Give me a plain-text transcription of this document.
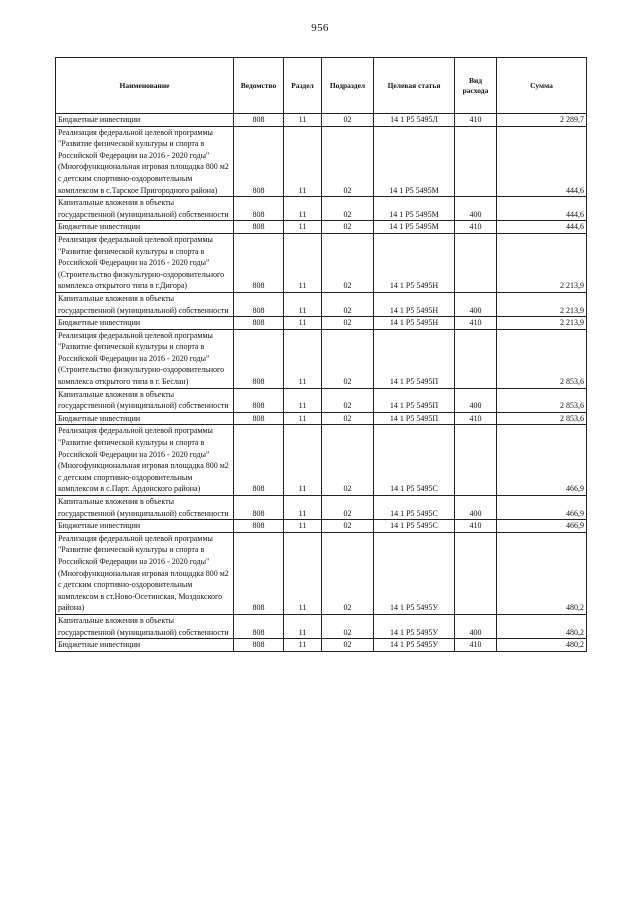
956
Наименование	Ведомство	Раздел	Подраздел	Целевая статья	Вид расхода	Сумма
Бюджетные инвестиции	808	11	02	14 1 P5 5495Л	410	2 289,7
Реализация федеральной целевой программы "Развитие физической культуры и спорта в Российской Федерации на 2016 - 2020 годы"(Многофункциональная игровая площадка 800 м2 с детским спортивно-оздоровительным комплексом в с.Тарское Пригородного района)	808	11	02	14 1 P5 5495М		444,6
Капитальные вложения в объекты государственной (муниципальной) собственности	808	11	02	14 1 P5 5495М	400	444,6
Бюджетные инвестиции	808	11	02	14 1 P5 5495М	410	444,6
Реализация федеральной целевой программы "Развитие физической культуры и спорта в Российской Федерации на 2016 - 2020 годы"(Строительство физкультурно-оздоровительного комплекса открытого типа в г.Дигора)	808	11	02	14 1 P5 5495Н		2 213,9
Капитальные вложения в объекты государственной (муниципальной) собственности	808	11	02	14 1 P5 5495Н	400	2 213,9
Бюджетные инвестиции	808	11	02	14 1 P5 5495Н	410	2 213,9
Реализация федеральной целевой программы "Развитие физической культуры и спорта в Российской Федерации на 2016 - 2020 годы"(Строительство физкультурно-оздоровительного комплекса открытого типа в г. Беслан)	808	11	02	14 1 P5 5495П		2 853,6
Капитальные вложения в объекты государственной (муниципальной) собственности	808	11	02	14 1 P5 5495П	400	2 853,6
Бюджетные инвестиции	808	11	02	14 1 P5 5495П	410	2 853,6
Реализация федеральной целевой программы "Развитие физической культуры и спорта в Российской Федерации на 2016 - 2020 годы"(Многофункциональная игровая площадка 800 м2 с детским спортивно-оздоровительным комплексом в с.Парт. Ардонского района)	808	11	02	14 1 P5 5495С		466,9
Капитальные вложения в объекты государственной (муниципальной) собственности	808	11	02	14 1 P5 5495С	400	466,9
Бюджетные инвестиции	808	11	02	14 1 P5 5495С	410	466,9
Реализация федеральной целевой программы "Развитие физической культуры и спорта в Российской Федерации на 2016 - 2020 годы"(Многофункциональная игровая площадка 800 м2 с детским спортивно-оздоровительным комплексом в ст.Ново-Осетинская, Моздокского района)	808	11	02	14 1 P5 5495У		480,2
Капитальные вложения в объекты государственной (муниципальной) собственности	808	11	02	14 1 P5 5495У	400	480,2
Бюджетные инвестиции	808	11	02	14 1 P5 5495У	410	480,2
